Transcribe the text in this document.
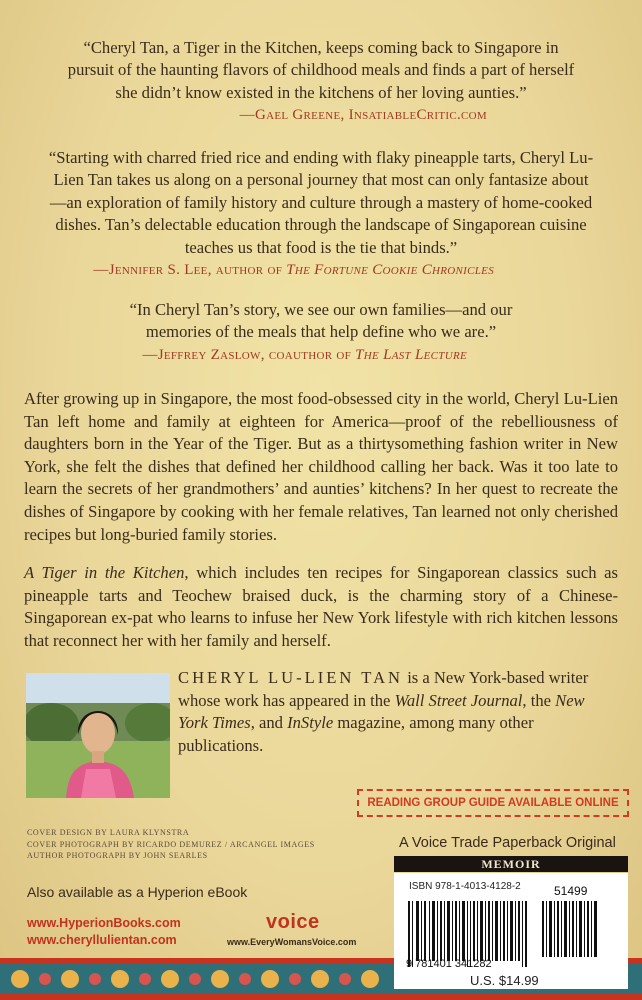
“Cheryl Tan, a Tiger in the Kitchen, keeps coming back to Singapore in pursuit of the haunting flavors of childhood meals and finds a part of herself she didn’t know existed in the kitchens of her loving aunties.”
—Gael Greene, InsatiableCritic.com
“Starting with charred fried rice and ending with flaky pineapple tarts, Cheryl Lu-Lien Tan takes us along on a personal journey that most can only fantasize about—an exploration of family history and culture through a mastery of home-cooked dishes. Tan’s delectable education through the landscape of Singaporean cuisine teaches us that food is the tie that binds.”
—Jennifer S. Lee, author of The Fortune Cookie Chronicles
“In Cheryl Tan’s story, we see our own families—and our memories of the meals that help define who we are.”
—Jeffrey Zaslow, coauthor of The Last Lecture
After growing up in Singapore, the most food-obsessed city in the world, Cheryl Lu-Lien Tan left home and family at eighteen for America—proof of the rebelliousness of daughters born in the Year of the Tiger. But as a thirtysomething fashion writer in New York, she felt the dishes that defined her childhood calling her back. Was it too late to learn the secrets of her grandmothers’ and aunties’ kitchens? In her quest to recreate the dishes of Singapore by cooking with her female relatives, Tan learned not only cherished recipes but long-buried family stories.
A Tiger in the Kitchen, which includes ten recipes for Singaporean classics such as pineapple tarts and Teochew braised duck, is the charming story of a Chinese-Singaporean ex-pat who learns to infuse her New York lifestyle with rich kitchen lessons that reconnect her with her family and herself.
CHERYL LU-LIEN TAN is a New York-based writer whose work has appeared in the Wall Street Journal, the New York Times, and InStyle magazine, among many other publications.
READING GROUP GUIDE AVAILABLE ONLINE
COVER DESIGN BY LAURA KLYNSTRA
COVER PHOTOGRAPH BY RICARDO DEMUREZ / ARCANGEL IMAGES
AUTHOR PHOTOGRAPH BY JOHN SEARLES
A Voice Trade Paperback Original
MEMOIR
Also available as a Hyperion eBook
www.HyperionBooks.com
www.cheryllulientan.com
voice
www.EveryWomansVoice.com
51499
9 781401 341282
ISBN 978-1-4013-4128-2
U.S. $14.99
